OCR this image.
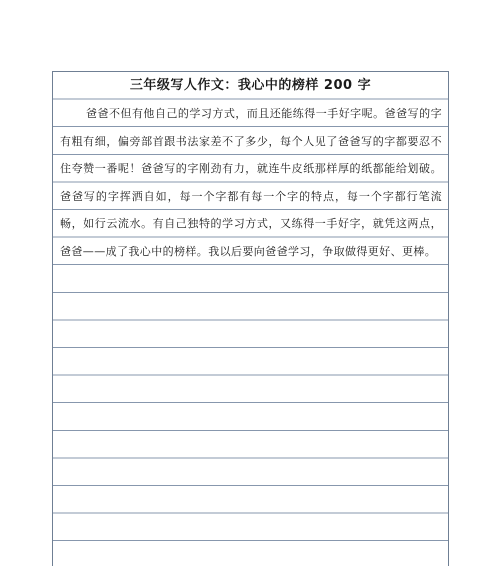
三年级写人作文：我心中的榜样 200 字

爸爸不但有他自己的学习方式，而且还能练得一手好字呢。爸爸写的字有粗有细，偏旁部首跟书法家差不了多少，每个人见了爸爸写的字都要忍不住夸赞一番呢！爸爸写的字刚劲有力，就连牛皮纸那样厚的纸都能给划破。爸爸写的字挥洒自如，每一个字都有每一个字的特点，每一个字都行笔流畅，如行云流水。有自己独特的学习方式，又练得一手好字，就凭这两点，爸爸——成了我心中的榜样。我以后要向爸爸学习，争取做得更好、更棒。
